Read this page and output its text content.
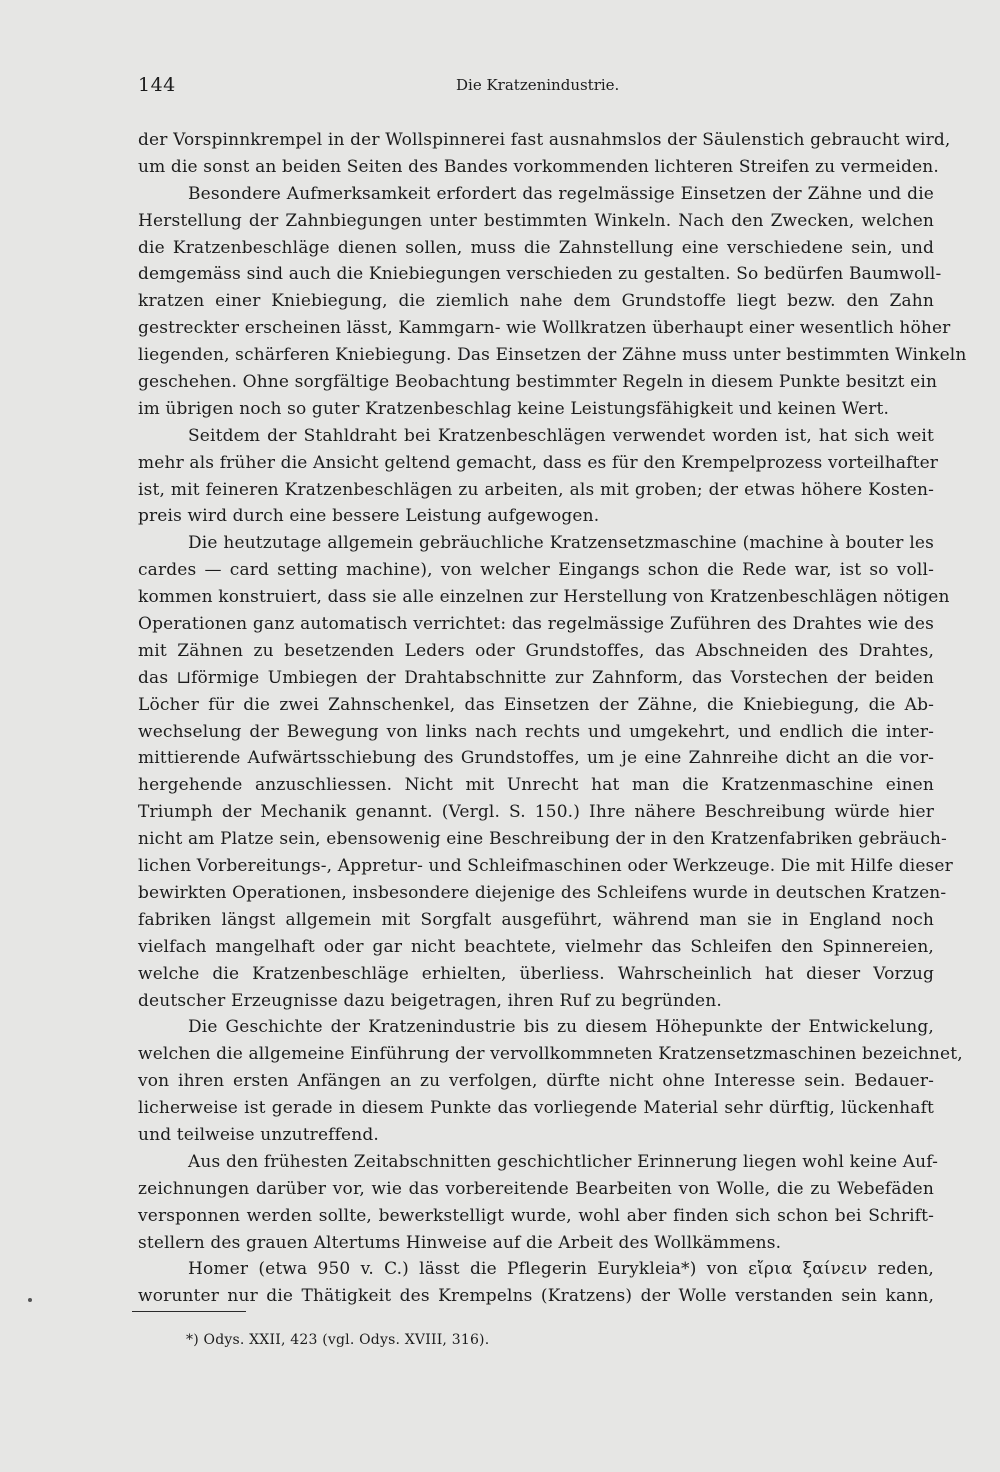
144	Die Kratzenindustrie.
der Vorspinnkrempel in der Wollspinnerei fast ausnahmslos der Säulenstich gebraucht wird,
um die sonst an beiden Seiten des Bandes vorkommenden lichteren Streifen zu vermeiden.
Besondere Aufmerksamkeit erfordert das regelmässige Einsetzen der Zähne und die
Herstellung der Zahnbiegungen unter bestimmten Winkeln. Nach den Zwecken, welchen
die Kratzenbeschläge dienen sollen, muss die Zahnstellung eine verschiedene sein, und
demgemäss sind auch die Kniebiegungen verschieden zu gestalten. So bedürfen Baumwoll-
kratzen einer Kniebiegung, die ziemlich nahe dem Grundstoffe liegt bezw. den Zahn
gestreckter erscheinen lässt, Kammgarn- wie Wollkratzen überhaupt einer wesentlich höher
liegenden, schärferen Kniebiegung. Das Einsetzen der Zähne muss unter bestimmten Winkeln
geschehen. Ohne sorgfältige Beobachtung bestimmter Regeln in diesem Punkte besitzt ein
im übrigen noch so guter Kratzenbeschlag keine Leistungsfähigkeit und keinen Wert.
Seitdem der Stahldraht bei Kratzenbeschlägen verwendet worden ist, hat sich weit
mehr als früher die Ansicht geltend gemacht, dass es für den Krempelprozess vorteilhafter
ist, mit feineren Kratzenbeschlägen zu arbeiten, als mit groben; der etwas höhere Kosten-
preis wird durch eine bessere Leistung aufgewogen.
Die heutzutage allgemein gebräuchliche Kratzensetzmaschine (machine à bouter les
cardes — card setting machine), von welcher Eingangs schon die Rede war, ist so voll-
kommen konstruiert, dass sie alle einzelnen zur Herstellung von Kratzenbeschlägen nötigen
Operationen ganz automatisch verrichtet: das regelmässige Zuführen des Drahtes wie des
mit Zähnen zu besetzenden Leders oder Grundstoffes, das Abschneiden des Drahtes,
das ⊔förmige Umbiegen der Drahtabschnitte zur Zahnform, das Vorstechen der beiden
Löcher für die zwei Zahnschenkel, das Einsetzen der Zähne, die Kniebiegung, die Ab-
wechselung der Bewegung von links nach rechts und umgekehrt, und endlich die inter-
mittierende Aufwärtsschiebung des Grundstoffes, um je eine Zahnreihe dicht an die vor-
hergehende anzuschliessen. Nicht mit Unrecht hat man die Kratzenmaschine einen
Triumph der Mechanik genannt. (Vergl. S. 150.) Ihre nähere Beschreibung würde hier
nicht am Platze sein, ebensowenig eine Beschreibung der in den Kratzenfabriken gebräuch-
lichen Vorbereitungs-, Appretur- und Schleifmaschinen oder Werkzeuge. Die mit Hilfe dieser
bewirkten Operationen, insbesondere diejenige des Schleifens wurde in deutschen Kratzen-
fabriken längst allgemein mit Sorgfalt ausgeführt, während man sie in England noch
vielfach mangelhaft oder gar nicht beachtete, vielmehr das Schleifen den Spinnereien,
welche die Kratzenbeschläge erhielten, überliess. Wahrscheinlich hat dieser Vorzug
deutscher Erzeugnisse dazu beigetragen, ihren Ruf zu begründen.
Die Geschichte der Kratzenindustrie bis zu diesem Höhepunkte der Entwickelung,
welchen die allgemeine Einführung der vervollkommneten Kratzensetzmaschinen bezeichnet,
von ihren ersten Anfängen an zu verfolgen, dürfte nicht ohne Interesse sein. Bedauer-
licherweise ist gerade in diesem Punkte das vorliegende Material sehr dürftig, lückenhaft
und teilweise unzutreffend.
Aus den frühesten Zeitabschnitten geschichtlicher Erinnerung liegen wohl keine Auf-
zeichnungen darüber vor, wie das vorbereitende Bearbeiten von Wolle, die zu Webefäden
versponnen werden sollte, bewerkstelligt wurde, wohl aber finden sich schon bei Schrift-
stellern des grauen Altertums Hinweise auf die Arbeit des Wollkämmens.
Homer (etwa 950 v. C.) lässt die Pflegerin Eurykleia*) von εἴρια ξαίνειν reden,
worunter nur die Thätigkeit des Krempelns (Kratzens) der Wolle verstanden sein kann,
*) Odys. XXII, 423 (vgl. Odys. XVIII, 316).
